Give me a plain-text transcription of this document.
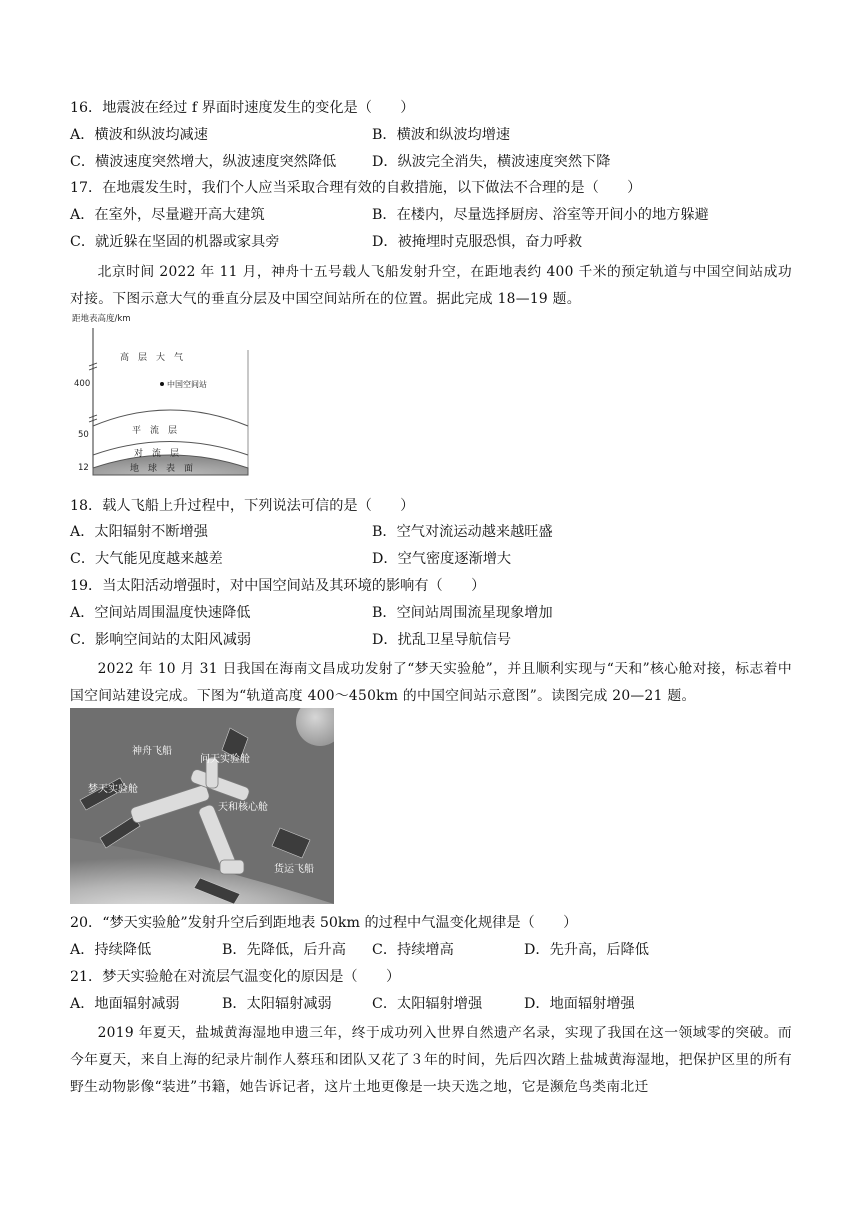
16．地震波在经过 f 界面时速度发生的变化是（　　）
A．横波和纵波均减速	B．横波和纵波均增速
C．横波速度突然增大，纵波速度突然降低	D．纵波完全消失，横波速度突然下降
17．在地震发生时，我们个人应当采取合理有效的自救措施，以下做法不合理的是（　　）
A．在室外，尽量避开高大建筑	B．在楼内，尽量选择厨房、浴室等开间小的地方躲避
C．就近躲在坚固的机器或家具旁	D．被掩埋时克服恐惧，奋力呼救
北京时间 2022 年 11 月，神舟十五号载人飞船发射升空，在距地表约 400 千米的预定轨道与中国空间站成功对接。下图示意大气的垂直分层及中国空间站所在的位置。据此完成 18—19 题。
距地表高度/km
400
50
12
高　层　大　气
中国空间站
平　流　层
对　流　层
地　球　表　面
18．载人飞船上升过程中，下列说法可信的是（　　）
A．太阳辐射不断增强	B．空气对流运动越来越旺盛
C．大气能见度越来越差	D．空气密度逐渐增大
19．当太阳活动增强时，对中国空间站及其环境的影响有（　　）
A．空间站周围温度快速降低	B．空间站周围流星现象增加
C．影响空间站的太阳风减弱	D．扰乱卫星导航信号
2022 年 10 月 31 日我国在海南文昌成功发射了“梦天实验舱”，并且顺利实现与“天和”核心舱对接，标志着中国空间站建设完成。下图为“轨道高度 400～450km 的中国空间站示意图”。读图完成 20—21 题。
神舟飞船
问天实验舱
梦天实验舱
天和核心舱
货运飞船
20．“梦天实验舱”发射升空后到距地表 50km 的过程中气温变化规律是（　　）
A．持续降低	B．先降低，后升高 C．持续增高	D．先升高，后降低
21．梦天实验舱在对流层气温变化的原因是（　　）
A．地面辐射减弱	B．太阳辐射减弱	C．太阳辐射增强	D．地面辐射增强
2019 年夏天，盐城黄海湿地申遗三年，终于成功列入世界自然遗产名录，实现了我国在这一领域零的突破。而今年夏天，来自上海的纪录片制作人蔡珏和团队又花了３年的时间，先后四次踏上盐城黄海湿地，把保护区里的所有野生动物影像“装进”书籍，她告诉记者，这片土地更像是一块天选之地，它是濒危鸟类南北迁
